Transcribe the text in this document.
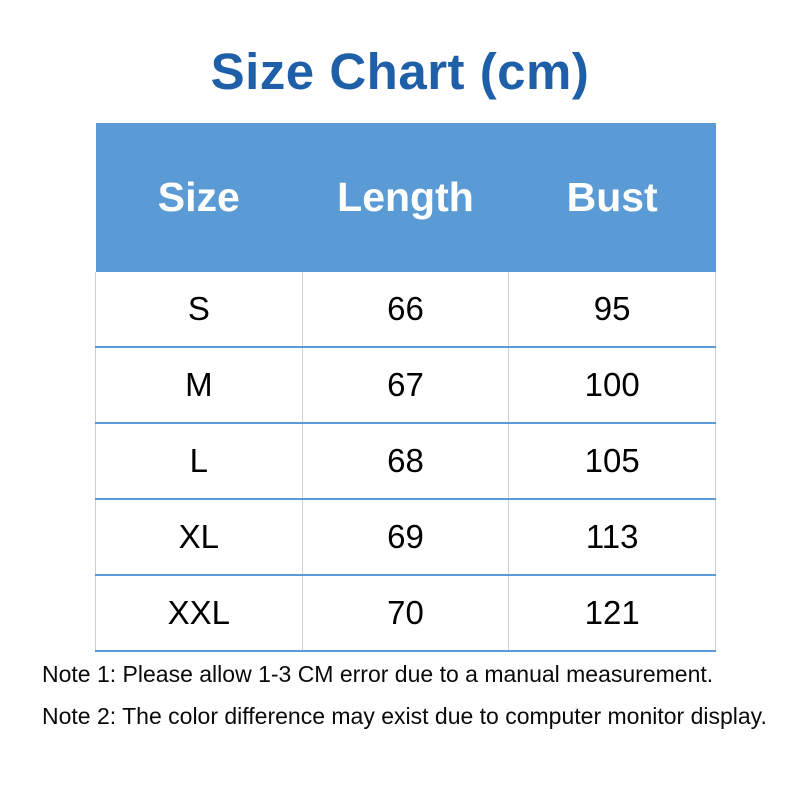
Size Chart (cm)
Size	Length	Bust
S	66	95
M	67	100
L	68	105
XL	69	113
XXL	70	121

Note 1: Please allow 1-3 CM error due to a manual measurement.

Note 2: The color difference may exist due to computer monitor display.
